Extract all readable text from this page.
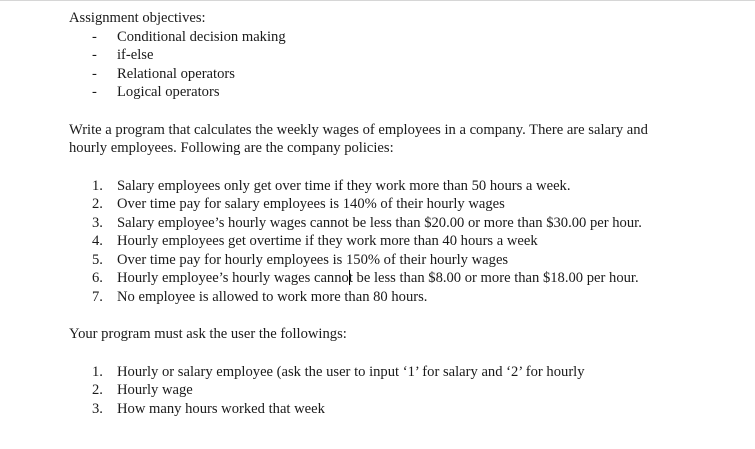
Assignment objectives:
- Conditional decision making
- if-else
- Relational operators
- Logical operators

Write a program that calculates the weekly wages of employees in a company. There are salary and hourly employees. Following are the company policies:

1. Salary employees only get over time if they work more than 50 hours a week.
2. Over time pay for salary employees is 140% of their hourly wages
3. Salary employee’s hourly wages cannot be less than $20.00 or more than $30.00 per hour.
4. Hourly employees get overtime if they work more than 40 hours a week
5. Over time pay for hourly employees is 150% of their hourly wages
6. Hourly employee’s hourly wages cannot be less than $8.00 or more than $18.00 per hour.
7. No employee is allowed to work more than 80 hours.
Your program must ask the user the followings:
1. Hourly or salary employee (ask the user to input ‘1’ for salary and ‘2’ for hourly
2. Hourly wage
3. How many hours worked that week
